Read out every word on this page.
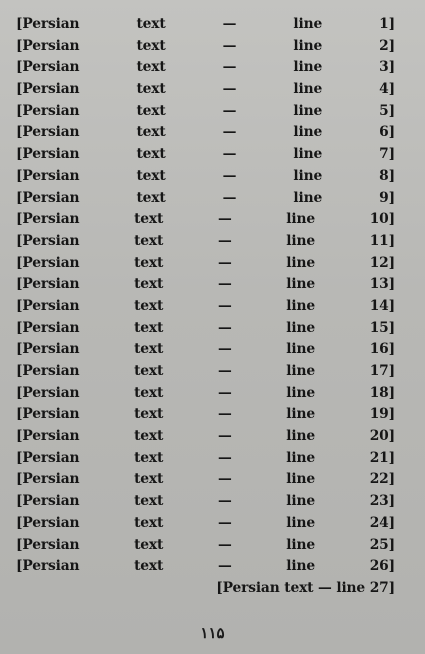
[Persian text — line 1]
[Persian text — line 2]
[Persian text — line 3]
[Persian text — line 4]
[Persian text — line 5]
[Persian text — line 6]
[Persian text — line 7]
[Persian text — line 8]
[Persian text — line 9]
[Persian text — line 10]
[Persian text — line 11]
[Persian text — line 12]
[Persian text — line 13]
[Persian text — line 14]
[Persian text — line 15]
[Persian text — line 16]
[Persian text — line 17]
[Persian text — line 18]
[Persian text — line 19]
[Persian text — line 20]
[Persian text — line 21]
[Persian text — line 22]
[Persian text — line 23]
[Persian text — line 24]
[Persian text — line 25]
[Persian text — line 26]
[Persian text — line 27]
۱۱۵
